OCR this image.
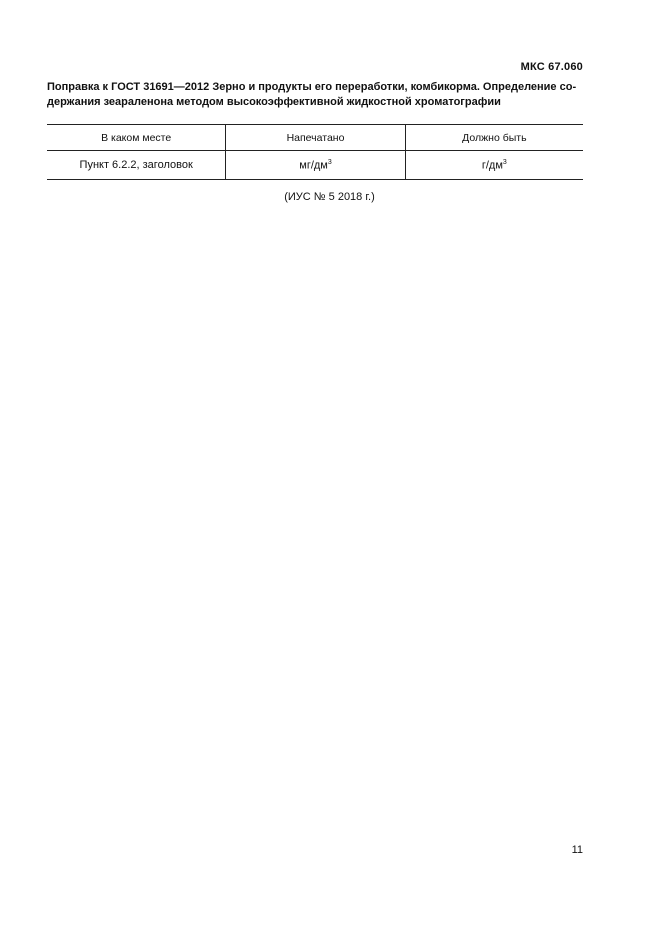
МКС 67.060
Поправка к ГОСТ 31691—2012 Зерно и продукты его переработки, комбикорма. Определение со-
держания зеараленона методом высокоэффективной жидкостной хроматографии
В каком месте	Напечатано	Должно быть
Пункт 6.2.2, заголовок	$мг/дм^3$	$г/дм^3$
(ИУС № 5 2018 г.)
11
